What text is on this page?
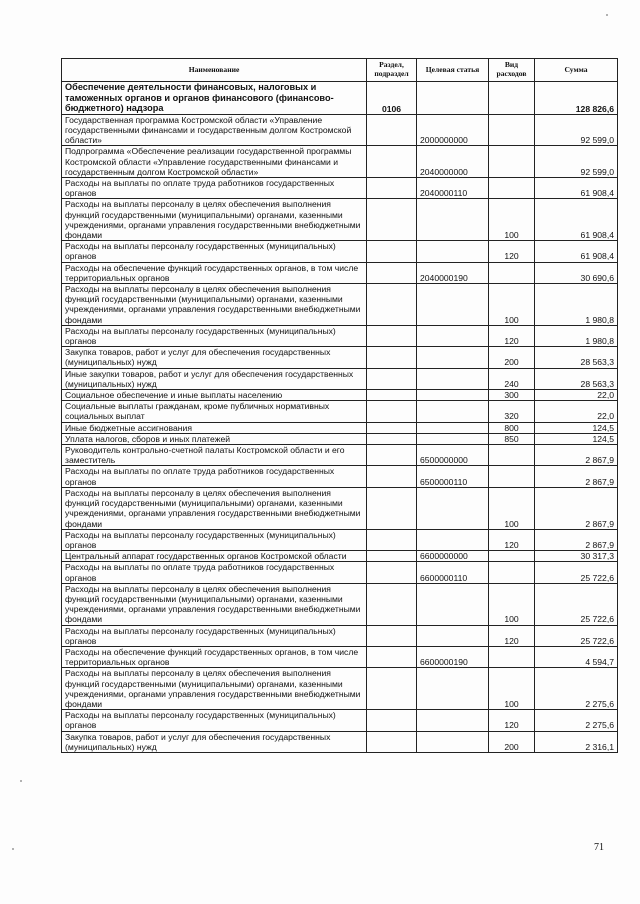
Наименование	Раздел, подраздел	Целевая статья	Вид расходов	Сумма
Обеспечение деятельности финансовых, налоговых и таможенных органов и органов финансового (финансово-бюджетного) надзора	0106			128 826,6
Государственная программа Костромской области «Управление государственными финансами и государственным долгом Костромской области»		2000000000		92 599,0
Подпрограмма «Обеспечение реализации государственной программы Костромской области «Управление государственными финансами и государственным долгом Костромской области»		2040000000		92 599,0
Расходы на выплаты по оплате труда работников государственных органов		2040000110		61 908,4
Расходы на выплаты персоналу в целях обеспечения выполнения функций государственными (муниципальными) органами, казенными учреждениями, органами управления государственными внебюджетными фондами			100	61 908,4
Расходы на выплаты персоналу государственных (муниципальных) органов			120	61 908,4
Расходы на обеспечение функций государственных органов, в том числе территориальных органов		2040000190		30 690,6
Расходы на выплаты персоналу в целях обеспечения выполнения функций государственными (муниципальными) органами, казенными учреждениями, органами управления государственными внебюджетными фондами			100	1 980,8
Расходы на выплаты персоналу государственных (муниципальных) органов			120	1 980,8
Закупка товаров, работ и услуг для обеспечения государственных (муниципальных) нужд			200	28 563,3
Иные закупки товаров, работ и услуг для обеспечения государственных (муниципальных) нужд			240	28 563,3
Социальное обеспечение и иные выплаты населению			300	22,0
Социальные выплаты гражданам, кроме публичных нормативных социальных выплат			320	22,0
Иные бюджетные ассигнования			800	124,5
Уплата налогов, сборов и иных платежей			850	124,5
Руководитель контрольно-счетной палаты Костромской области и его заместитель		6500000000		2 867,9
Расходы на выплаты по оплате труда работников государственных органов		6500000110		2 867,9
Расходы на выплаты персоналу в целях обеспечения выполнения функций государственными (муниципальными) органами, казенными учреждениями, органами управления государственными внебюджетными фондами			100	2 867,9
Расходы на выплаты персоналу государственных (муниципальных) органов			120	2 867,9
Центральный аппарат государственных органов Костромской области		6600000000		30 317,3
Расходы на выплаты по оплате труда работников государственных органов		6600000110		25 722,6
Расходы на выплаты персоналу в целях обеспечения выполнения функций государственными (муниципальными) органами, казенными учреждениями, органами управления государственными внебюджетными фондами			100	25 722,6
Расходы на выплаты персоналу государственных (муниципальных) органов			120	25 722,6
Расходы на обеспечение функций государственных органов, в том числе территориальных органов		6600000190		4 594,7
Расходы на выплаты персоналу в целях обеспечения выполнения функций государственными (муниципальными) органами, казенными учреждениями, органами управления государственными внебюджетными фондами			100	2 275,6
Расходы на выплаты персоналу государственных (муниципальных) органов			120	2 275,6
Закупка товаров, работ и услуг для обеспечения государственных (муниципальных) нужд			200	2 316,1
71
